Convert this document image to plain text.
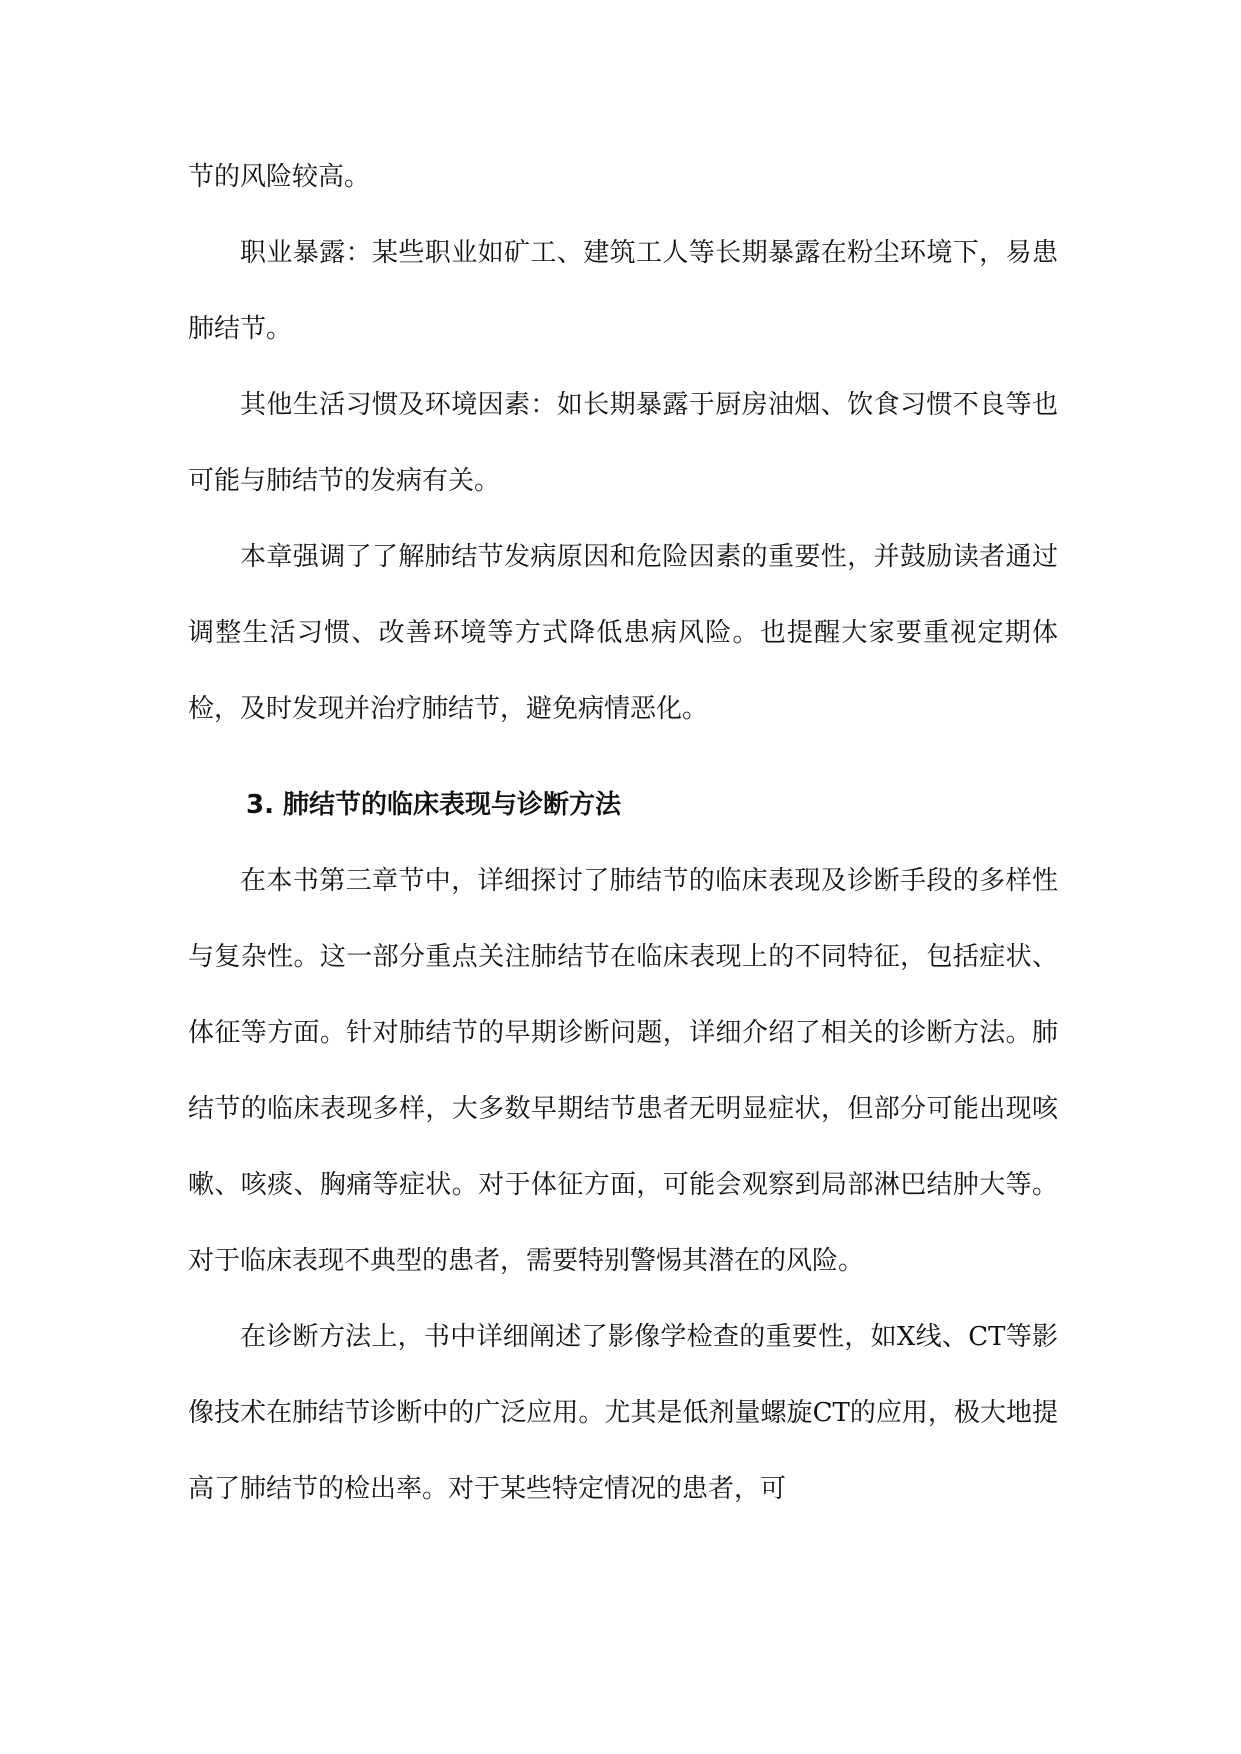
节的风险较高。

职业暴露：某些职业如矿工、建筑工人等长期暴露在粉尘环境下，易患肺结节。

其他生活习惯及环境因素：如长期暴露于厨房油烟、饮食习惯不良等也可能与肺结节的发病有关。

本章强调了了解肺结节发病原因和危险因素的重要性，并鼓励读者通过调整生活习惯、改善环境等方式降低患病风险。也提醒大家要重视定期体检，及时发现并治疗肺结节，避免病情恶化。

3. 肺结节的临床表现与诊断方法

在本书第三章节中，详细探讨了肺结节的临床表现及诊断手段的多样性与复杂性。这一部分重点关注肺结节在临床表现上的不同特征，包括症状、体征等方面。针对肺结节的早期诊断问题，详细介绍了相关的诊断方法。肺结节的临床表现多样，大多数早期结节患者无明显症状，但部分可能出现咳嗽、咳痰、胸痛等症状。对于体征方面，可能会观察到局部淋巴结肿大等。对于临床表现不典型的患者，需要特别警惕其潜在的风险。

在诊断方法上，书中详细阐述了影像学检查的重要性，如X线、CT等影像技术在肺结节诊断中的广泛应用。尤其是低剂量螺旋CT的应用，极大地提高了肺结节的检出率。对于某些特定情况的患者，可
